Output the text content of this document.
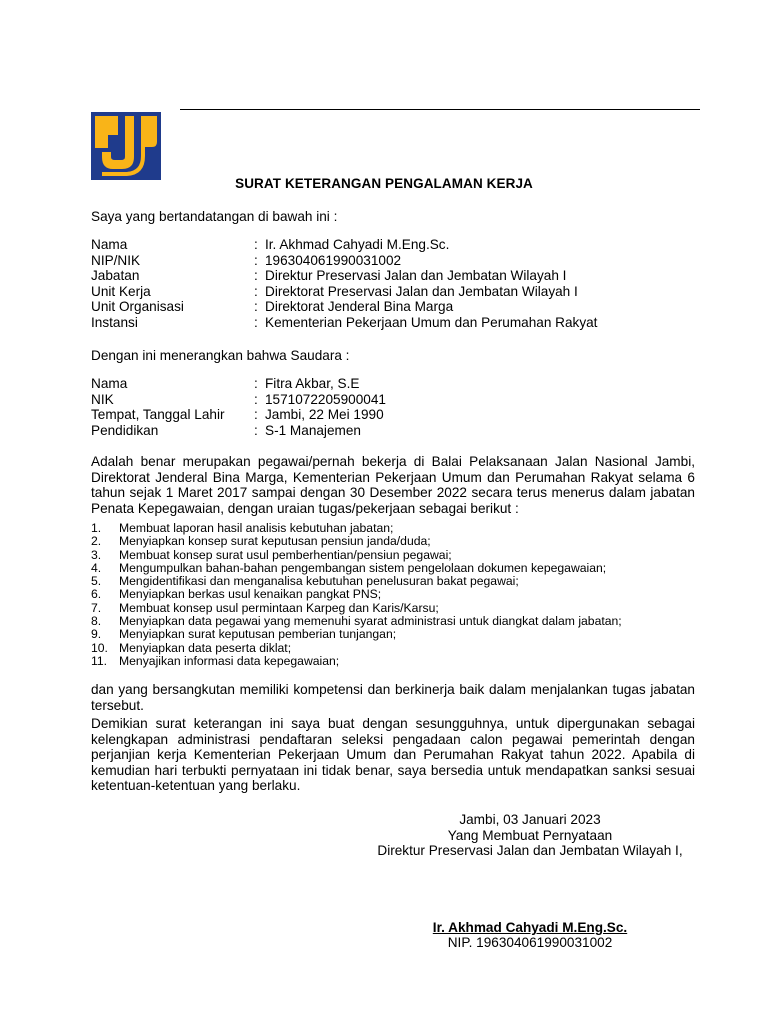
SURAT KETERANGAN PENGALAMAN KERJA
Saya yang bertandatangan di bawah ini :
Nama	: Ir. Akhmad Cahyadi M.Eng.Sc.
NIP/NIK	: 196304061990031002
Jabatan	: Direktur Preservasi Jalan dan Jembatan Wilayah I
Unit Kerja	: Direktorat Preservasi Jalan dan Jembatan Wilayah I
Unit Organisasi	: Direktorat Jenderal Bina Marga
Instansi	: Kementerian Pekerjaan Umum dan Perumahan Rakyat
Dengan ini menerangkan bahwa Saudara :
Nama	: Fitra Akbar, S.E
NIK	: 1571072205900041
Tempat, Tanggal Lahir : Jambi, 22 Mei 1990
Pendidikan	: S-1 Manajemen
Adalah benar merupakan pegawai/pernah bekerja di Balai Pelaksanaan Jalan Nasional Jambi, Direktorat Jenderal Bina Marga, Kementerian Pekerjaan Umum dan Perumahan Rakyat selama 6 tahun sejak 1 Maret 2017 sampai dengan 30 Desember 2022 secara terus menerus dalam jabatan Penata Kepegawaian, dengan uraian tugas/pekerjaan sebagai berikut :
1. Membuat laporan hasil analisis kebutuhan jabatan;
2. Menyiapkan konsep surat keputusan pensiun janda/duda;
3. Membuat konsep surat usul pemberhentian/pensiun pegawai;
4. Mengumpulkan bahan-bahan pengembangan sistem pengelolaan dokumen kepegawaian;
5. Mengidentifikasi dan menganalisa kebutuhan penelusuran bakat pegawai;
6. Menyiapkan berkas usul kenaikan pangkat PNS;
7. Membuat konsep usul permintaan Karpeg dan Karis/Karsu;
8. Menyiapkan data pegawai yang memenuhi syarat administrasi untuk diangkat dalam jabatan;
9. Menyiapkan surat keputusan pemberian tunjangan;
10. Menyiapkan data peserta diklat;
11. Menyajikan informasi data kepegawaian;
dan yang bersangkutan memiliki kompetensi dan berkinerja baik dalam menjalankan tugas jabatan tersebut.
Demikian surat keterangan ini saya buat dengan sesungguhnya, untuk dipergunakan sebagai kelengkapan administrasi pendaftaran seleksi pengadaan calon pegawai pemerintah dengan perjanjian kerja Kementerian Pekerjaan Umum dan Perumahan Rakyat tahun 2022. Apabila di kemudian hari terbukti pernyataan ini tidak benar, saya bersedia untuk mendapatkan sanksi sesuai ketentuan-ketentuan yang berlaku.
Jambi, 03 Januari 2023
Yang Membuat Pernyataan
Direktur Preservasi Jalan dan Jembatan Wilayah I,
Ir. Akhmad Cahyadi M.Eng.Sc.
NIP. 196304061990031002
